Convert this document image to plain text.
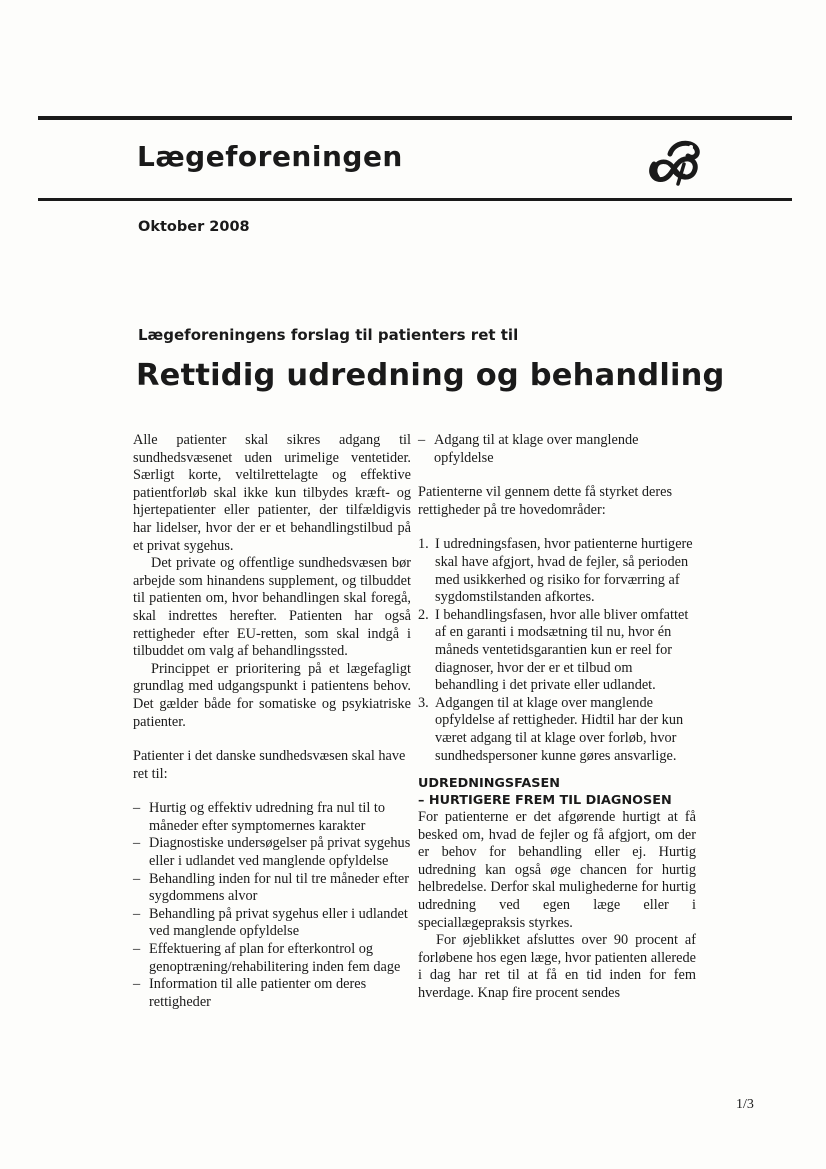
Lægeforeningen
Oktober 2008
Lægeforeningens forslag til patienters ret til
Rettidig udredning og behandling

Alle patienter skal sikres adgang til sundhedsvæsenet uden urimelige ventetider. Særligt korte, veltilrettelagte og effektive patientforløb skal ikke kun tilbydes kræft- og hjertepatienter eller patienter, der tilfældigvis har lidelser, hvor der er et behandlingstilbud på et privat sygehus.

Det private og offentlige sundhedsvæsen bør arbejde som hinandens supplement, og tilbuddet til patienten om, hvor behandlingen skal foregå, skal indrettes herefter. Patienten har også rettigheder efter EU-retten, som skal indgå i tilbuddet om valg af behandlingssted.

Princippet er prioritering på et lægefagligt grundlag med udgangspunkt i patientens behov. Det gælder både for somatiske og psykiatriske patienter.

Patienter i det danske sundhedsvæsen skal have ret til:

– Hurtig og effektiv udredning fra nul til to måneder efter symptomernes karakter
– Diagnostiske undersøgelser på privat sygehus eller i udlandet ved manglende opfyldelse
– Behandling inden for nul til tre måneder efter sygdommens alvor
– Behandling på privat sygehus eller i udlandet ved manglende opfyldelse
– Effektuering af plan for efterkontrol og genoptræning/rehabilitering inden fem dage
– Information til alle patienter om deres rettigheder
– Adgang til at klage over manglende opfyldelse

Patienterne vil gennem dette få styrket deres rettigheder på tre hovedområder:

1. I udredningsfasen, hvor patienterne hurtigere skal have afgjort, hvad de fejler, så perioden med usikkerhed og risiko for forværring af sygdomstilstanden afkortes.
2. I behandlingsfasen, hvor alle bliver omfattet af en garanti i modsætning til nu, hvor én måneds ventetidsgarantien kun er reel for diagnoser, hvor der er et tilbud om behandling i det private eller udlandet.
3. Adgangen til at klage over manglende opfyldelse af rettigheder. Hidtil har der kun været adgang til at klage over forløb, hvor sundhedspersoner kunne gøres ansvarlige.
UDREDNINGSFASEN
– HURTIGERE FREM TIL DIAGNOSEN

For patienterne er det afgørende hurtigt at få besked om, hvad de fejler og få afgjort, om der er behov for behandling eller ej. Hurtig udredning kan også øge chancen for hurtig helbredelse. Derfor skal mulighederne for hurtig udredning ved egen læge eller i speciallægepraksis styrkes.

For øjeblikket afsluttes over 90 procent af forløbene hos egen læge, hvor patienten allerede i dag har ret til at få en tid inden for fem hverdage. Knap fire procent sendes

1/3
